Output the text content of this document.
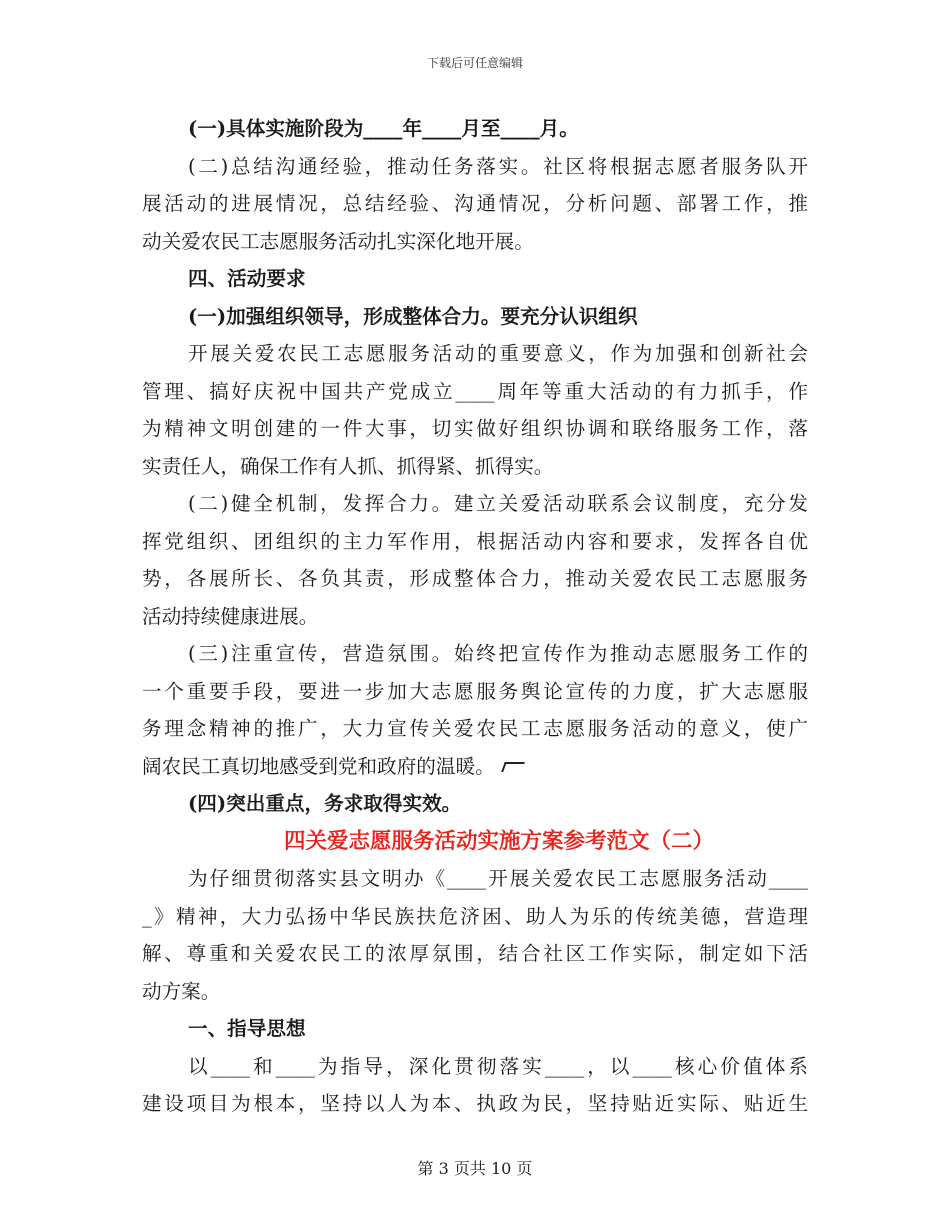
下载后可任意编辑
(一)具体实施阶段为____年____月至____月。
(二)总结沟通经验，推动任务落实。社区将根据志愿者服务队开
展活动的进展情况，总结经验、沟通情况，分析问题、部署工作，推
动关爱农民工志愿服务活动扎实深化地开展。
四、活动要求
(一)加强组织领导，形成整体合力。要充分认识组织
开展关爱农民工志愿服务活动的重要意义，作为加强和创新社会
管理、搞好庆祝中国共产党成立____周年等重大活动的有力抓手，作
为精神文明创建的一件大事，切实做好组织协调和联络服务工作，落
实责任人，确保工作有人抓、抓得紧、抓得实。
(二)健全机制，发挥合力。建立关爱活动联系会议制度，充分发
挥党组织、团组织的主力军作用，根据活动内容和要求，发挥各自优
势，各展所长、各负其责，形成整体合力，推动关爱农民工志愿服务
活动持续健康进展。
(三)注重宣传，营造氛围。始终把宣传作为推动志愿服务工作的
一个重要手段，要进一步加大志愿服务舆论宣传的力度，扩大志愿服
务理念精神的推广，大力宣传关爱农民工志愿服务活动的意义，使广
阔农民工真切地感受到党和政府的温暖。
(四)突出重点，务求取得实效。
四关爱志愿服务活动实施方案参考范文（二）
为仔细贯彻落实县文明办《____开展关爱农民工志愿服务活动____
_》精神，大力弘扬中华民族扶危济困、助人为乐的传统美德，营造理
解、尊重和关爱农民工的浓厚氛围，结合社区工作实际，制定如下活
动方案。
一、指导思想
以____和____为指导，深化贯彻落实____，以____核心价值体系
建设项目为根本，坚持以人为本、执政为民，坚持贴近实际、贴近生
第 3 页共 10 页
